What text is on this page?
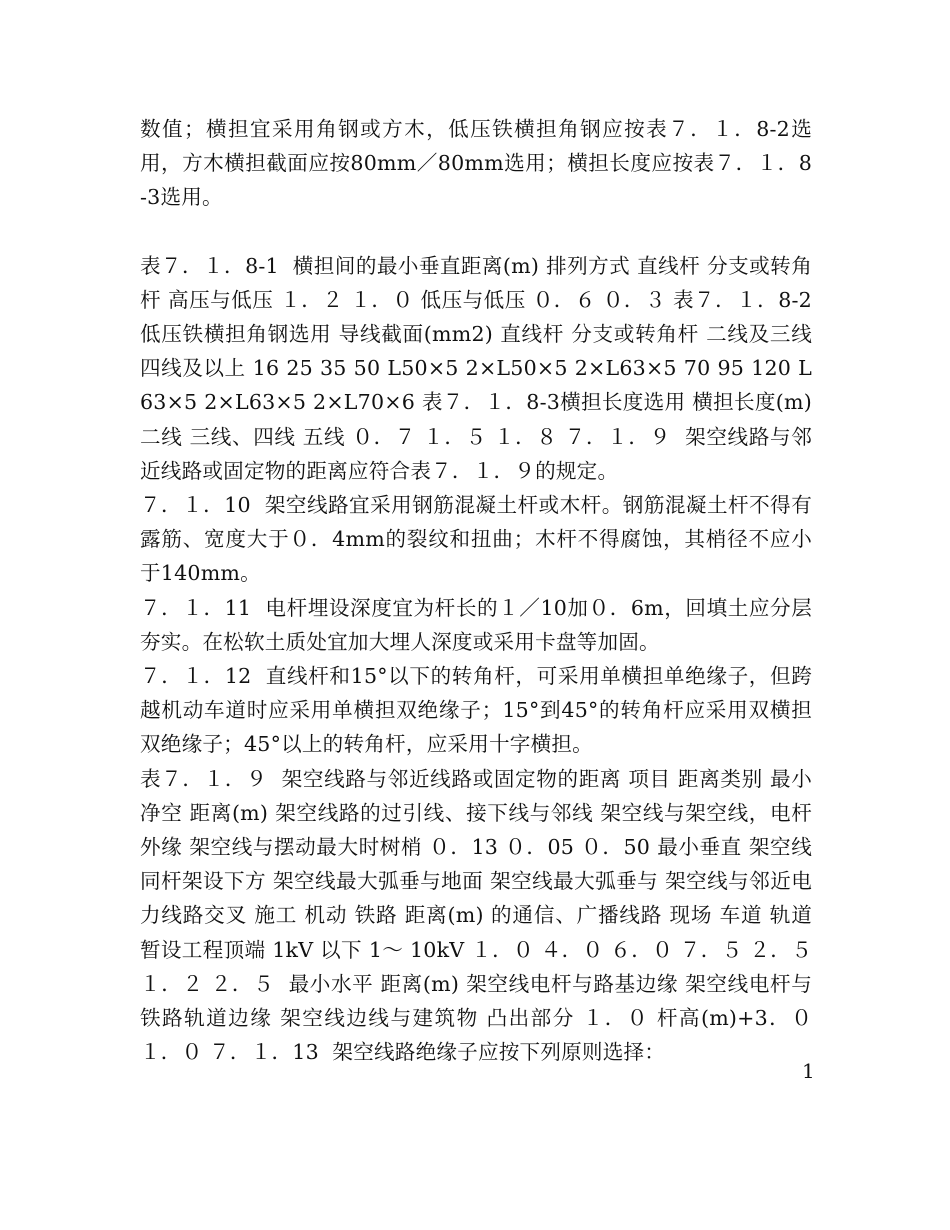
数值；横担宜采用角钢或方木，低压铁横担角钢应按表７．１．8-2选用，方木横担截面应按80mm／80mm选用；横担长度应按表７．１．8-3选用。

表７．１．8-1  横担间的最小垂直距离(m) 排列方式 直线杆 分支或转角杆 高压与低压 １．２ １．０ 低压与低压 ０．６ ０．３ 表７．１．8-2低压铁横担角钢选用 导线截面(mm2) 直线杆 分支或转角杆 二线及三线 四线及以上 16 25 35 50 L50×5 2×L50×5 2×L63×5 70 95 120 L63×5 2×L63×5 2×L70×6 表７．１．8-3横担长度选用 横担长度(m) 二线 三线、四线 五线 ０．７ １．５ １．８ ７．１．９  架空线路与邻近线路或固定物的距离应符合表７．１．９的规定。

７．１．10  架空线路宜采用钢筋混凝土杆或木杆。钢筋混凝土杆不得有露筋、宽度大于０．4mm的裂纹和扭曲；木杆不得腐蚀，其梢径不应小于140mm。

７．１．11  电杆埋设深度宜为杆长的１／10加０．6m，回填土应分层夯实。在松软土质处宜加大埋人深度或采用卡盘等加固。

７．１．12  直线杆和15°以下的转角杆，可采用单横担单绝缘子，但跨越机动车道时应采用单横担双绝缘子；15°到45°的转角杆应采用双横担双绝缘子；45°以上的转角杆，应采用十字横担。

表７．１．９  架空线路与邻近线路或固定物的距离 项目 距离类别 最小净空 距离(m) 架空线路的过引线、接下线与邻线 架空线与架空线，电杆外缘 架空线与摆动最大时树梢 ０．13 ０．05 ０．50 最小垂直 架空线同杆架设下方 架空线最大弧垂与地面 架空线最大弧垂与 架空线与邻近电力线路交叉 施工 机动 铁路 距离(m) 的通信、广播线路 现场 车道 轨道 暂设工程顶端 1kV 以下 1～ 10kV １．０ ４．０ ６．０ ７．５ ２．５ １．２ ２．５  最小水平 距离(m) 架空线电杆与路基边缘 架空线电杆与 铁路轨道边缘 架空线边线与建筑物 凸出部分 １．０ 杆高(m)+3．０ １．０ ７．１．13  架空线路绝缘子应按下列原则选择：

1
